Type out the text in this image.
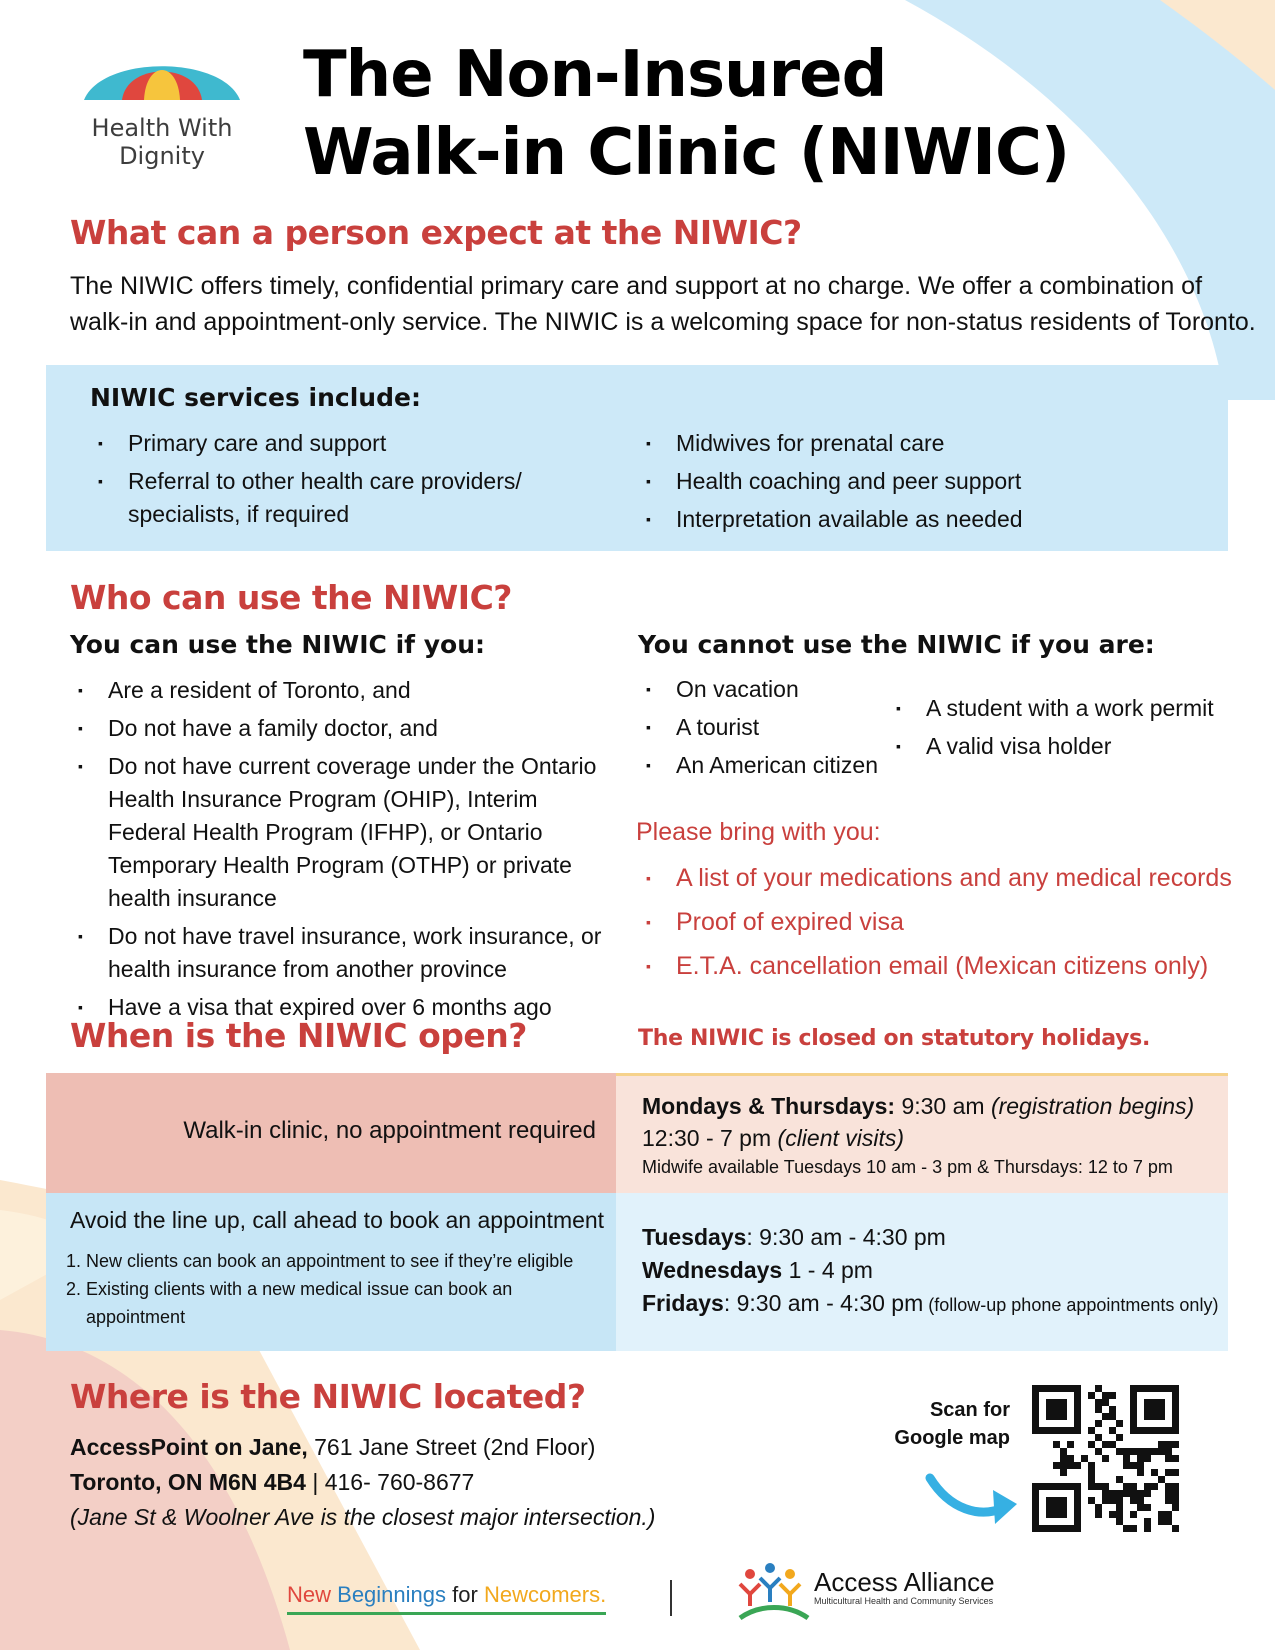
Health With
Dignity
The Non-Insured
Walk-in Clinic (NIWIC)
What can a person expect at the NIWIC?
The NIWIC offers timely, confidential primary care and support at no charge. We offer a combination of
walk-in and appointment-only service. The NIWIC is a welcoming space for non-status residents of Toronto.
NIWIC services include:
▪ Primary care and support
▪ Referral to other health care providers/ specialists, if required
▪ Midwives for prenatal care
▪ Health coaching and peer support
▪ Interpretation available as needed
Who can use the NIWIC?
You can use the NIWIC if you:
▪ Are a resident of Toronto, and
▪ Do not have a family doctor, and
▪ Do not have current coverage under the Ontario Health Insurance Program (OHIP), Interim Federal Health Program (IFHP), or Ontario Temporary Health Program (OTHP) or private health insurance
▪ Do not have travel insurance, work insurance, or health insurance from another province
▪ Have a visa that expired over 6 months ago
You cannot use the NIWIC if you are:
▪ On vacation
▪ A tourist
▪ An American citizen
▪ A student with a work permit
▪ A valid visa holder
Please bring with you:
▪ A list of your medications and any medical records
▪ Proof of expired visa
▪ E.T.A. cancellation email (Mexican citizens only)
When is the NIWIC open?	The NIWIC is closed on statutory holidays.
Walk-in clinic, no appointment required
Mondays & Thursdays: 9:30 am (registration begins)
12:30 - 7 pm (client visits)
Midwife available Tuesdays 10 am - 3 pm & Thursdays: 12 to 7 pm
Avoid the line up, call ahead to book an appointment
1. New clients can book an appointment to see if they’re eligible
2. Existing clients with a new medical issue can book an
appointment
Tuesdays: 9:30 am - 4:30 pm
Wednesdays 1 - 4 pm
Fridays: 9:30 am - 4:30 pm (follow-up phone appointments only)
Where is the NIWIC located?
AccessPoint on Jane, 761 Jane Street (2nd Floor)
Toronto, ON M6N 4B4 | 416- 760-8677
(Jane St & Woolner Ave is the closest major intersection.)
Scan for
Google map
New Beginnings for Newcomers.	Access Alliance
Multicultural Health and Community Services
